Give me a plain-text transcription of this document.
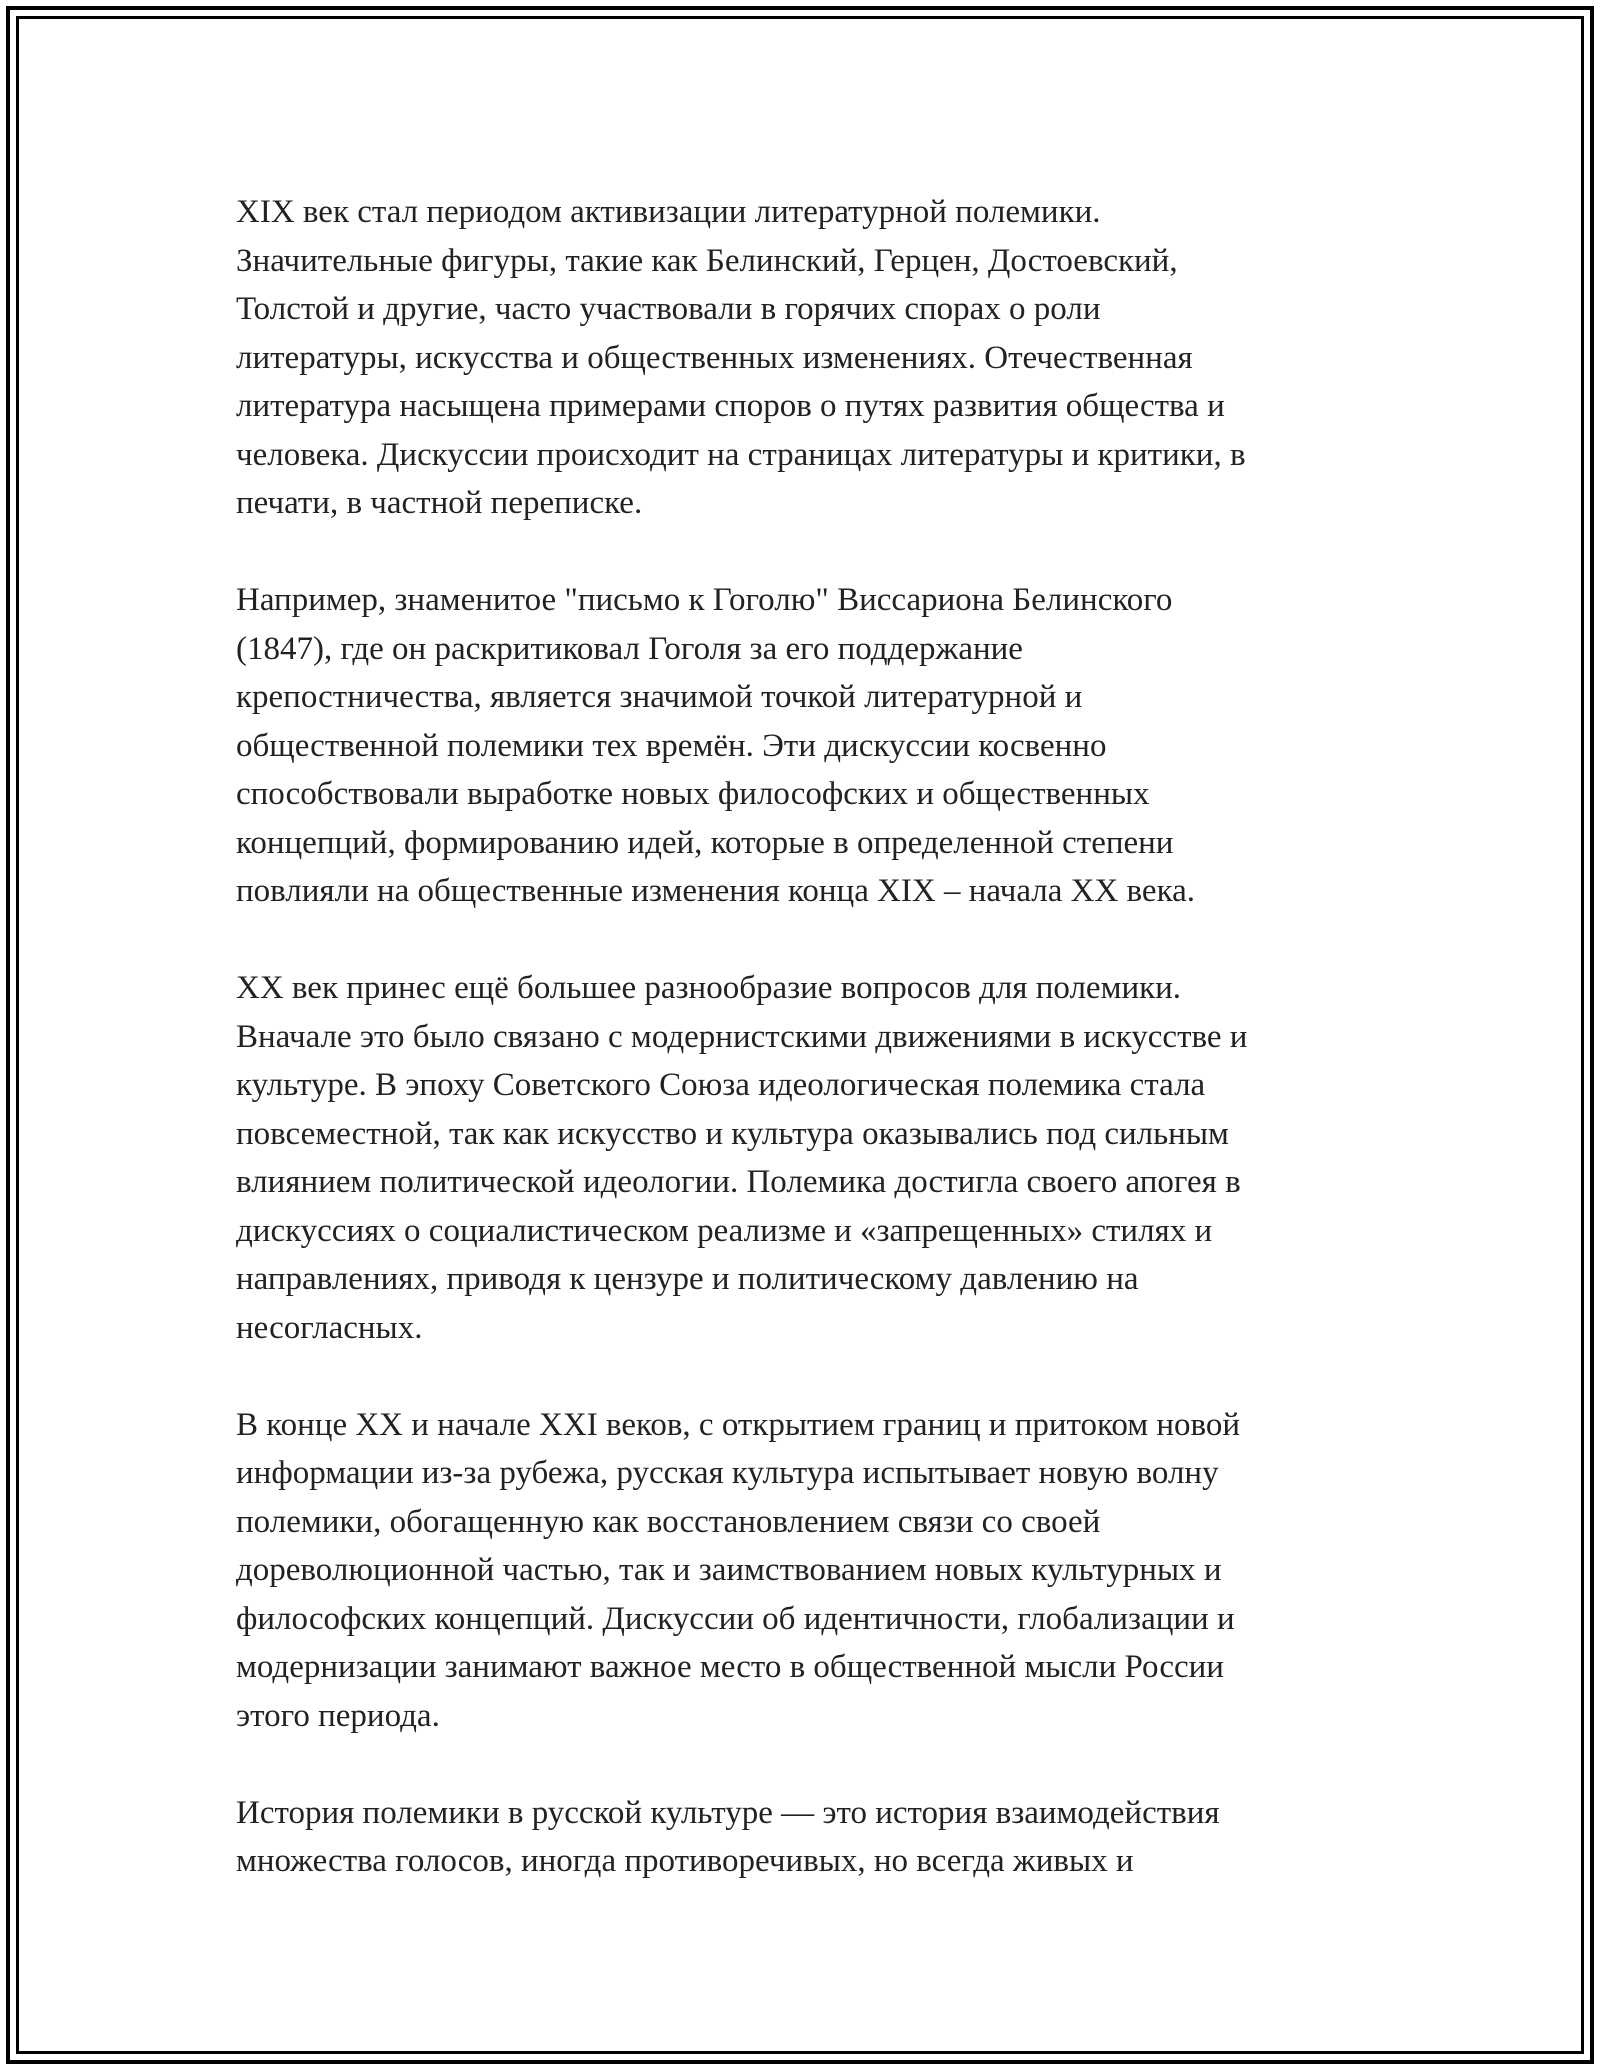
XIX век стал периодом активизации литературной полемики.
Значительные фигуры, такие как Белинский, Герцен, Достоевский,
Толстой и другие, часто участвовали в горячих спорах о роли
литературы, искусства и общественных изменениях. Отечественная
литература насыщена примерами споров о путях развития общества и
человека. Дискуссии происходит на страницах литературы и критики, в
печати, в частной переписке.
Например, знаменитое "письмо к Гоголю" Виссариона Белинского
(1847), где он раскритиковал Гоголя за его поддержание
крепостничества, является значимой точкой литературной и
общественной полемики тех времён. Эти дискуссии косвенно
способствовали выработке новых философских и общественных
концепций, формированию идей, которые в определенной степени
повлияли на общественные изменения конца XIX – начала XX века.
XX век принес ещё большее разнообразие вопросов для полемики.
Вначале это было связано с модернистскими движениями в искусстве и
культуре. В эпоху Советского Союза идеологическая полемика стала
повсеместной, так как искусство и культура оказывались под сильным
влиянием политической идеологии. Полемика достигла своего апогея в
дискуссиях о социалистическом реализме и «запрещенных» стилях и
направлениях, приводя к цензуре и политическому давлению на
несогласных.
В конце XX и начале XXI веков, с открытием границ и притоком новой
информации из-за рубежа, русская культура испытывает новую волну
полемики, обогащенную как восстановлением связи со своей
дореволюционной частью, так и заимствованием новых культурных и
философских концепций. Дискуссии об идентичности, глобализации и
модернизации занимают важное место в общественной мысли России
этого периода.
История полемики в русской культуре — это история взаимодействия
множества голосов, иногда противоречивых, но всегда живых и
